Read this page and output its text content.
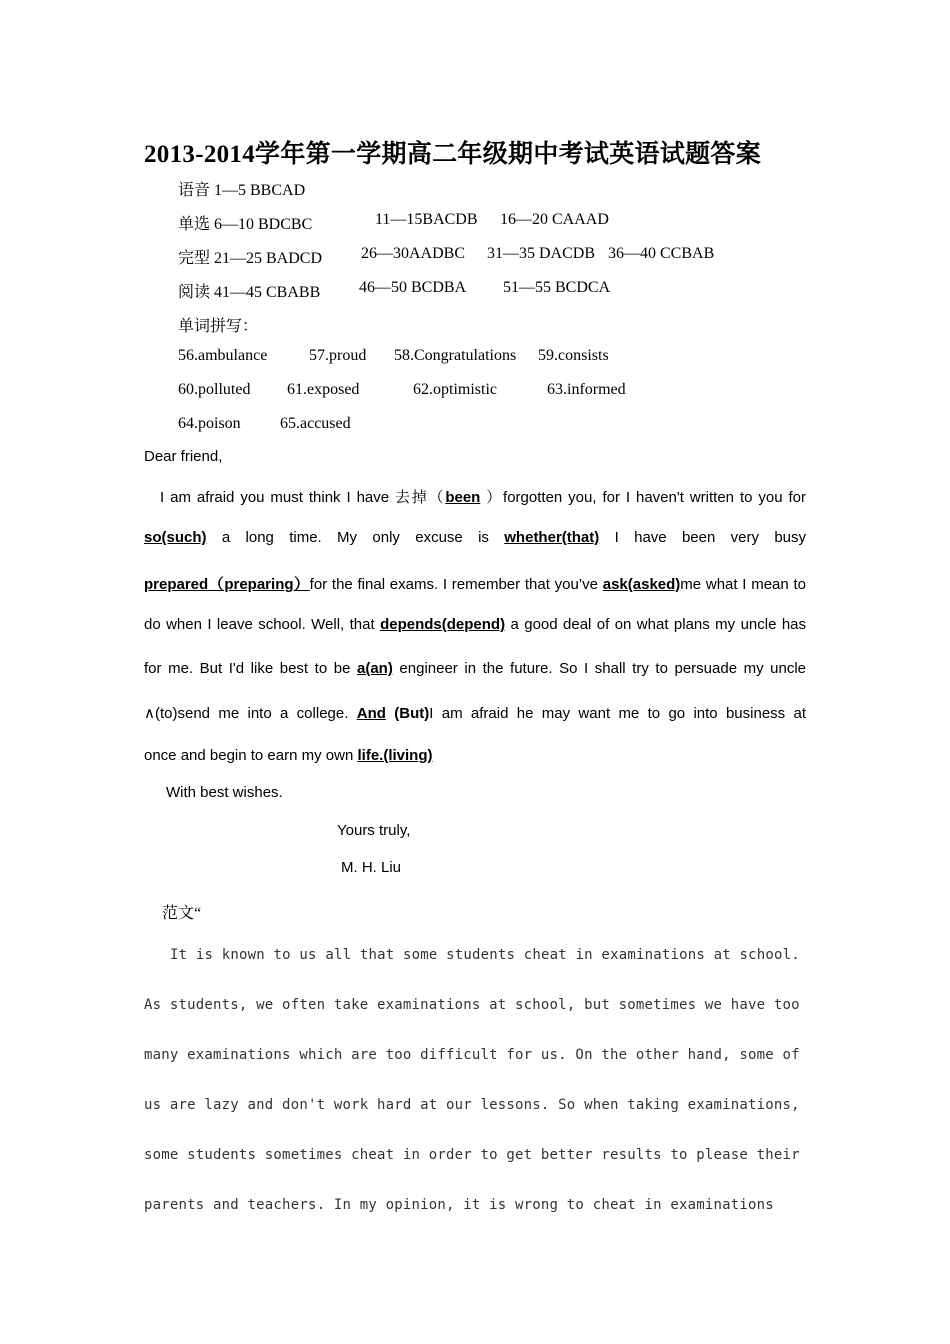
2013-2014学年第一学期高二年级期中考试英语试题答案
语音 1—5 BBCAD
单选 6—10 BDCBC	11—15BACDB 16—20 CAAAD
完型 21—25 BADCD 26—30AADBC 31—35 DACDB 36—40 CCBAB
阅读 41—45 CBABB 46—50 BCDBA 51—55 BCDCA
单词拼写：
56.ambulance	57.proud 58.Congratulations 59.consists
60.polluted 61.exposed	62.optimistic	63.informed
64.poison 65.accused
Dear friend,
I am afraid you must think I have 去掉（been ）forgotten you, for I haven't written to you for
so(such) a long time. My only excuse is whether(that) I have been very busy
prepared（preparing）for the final exams. I remember that you’ve ask(asked)me what I mean to
do when I leave school. Well, that depends(depend) a good deal of on what plans my uncle has
for me. But I'd like best to be a(an) engineer in the future. So I shall try to persuade my uncle
∧(to)send me into a college. And (But)I am afraid he may want me to go into business at
once and begin to earn my own life.(living)
With best wishes.
Yours truly,
M. H. Liu
范文“
It is known to us all that some students cheat in examinations at school.
As students, we often take examinations at school, but sometimes we have too
many examinations which are too difficult for us. On the other hand, some of
us are lazy and don't work hard at our lessons. So when taking examinations,
some students sometimes cheat in order to get better results to please their
parents and teachers. In my opinion, it is wrong to cheat in examinations
